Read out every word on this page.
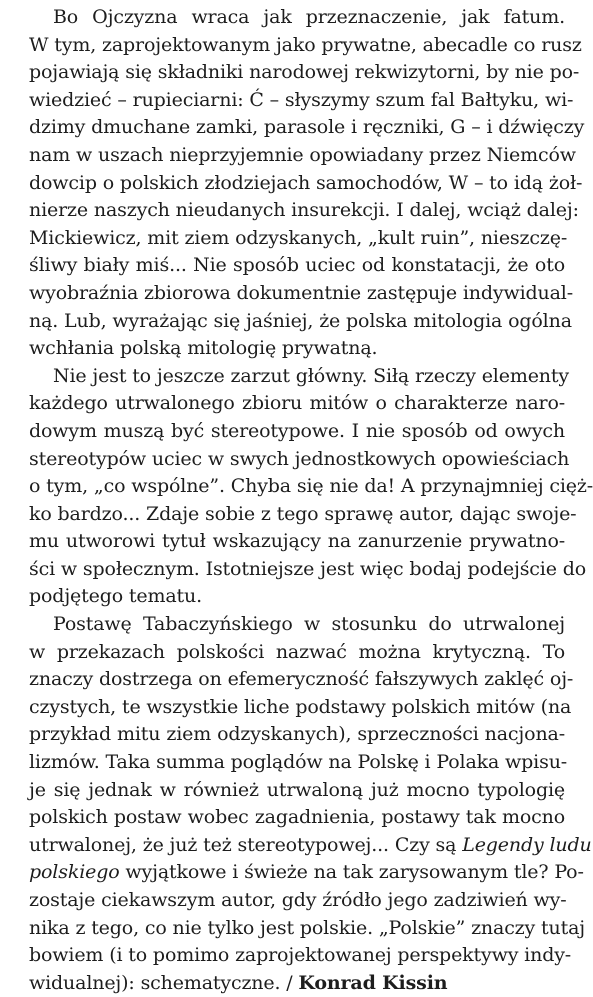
Bo Ojczyzna wraca jak przeznaczenie, jak fatum.
W tym, zaprojektowanym jako prywatne, abecadle co rusz
pojawiają się składniki narodowej rekwizytorni, by nie po-
wiedzieć – rupieciarni: Ć – słyszymy szum fal Bałtyku, wi-
dzimy dmuchane zamki, parasole i ręczniki, G – i dźwięczy
nam w uszach nieprzyjemnie opowiadany przez Niemców
dowcip o polskich złodziejach samochodów, W – to idą żoł-
nierze naszych nieudanych insurekcji. I dalej, wciąż dalej:
Mickiewicz, mit ziem odzyskanych, „kult ruin”, nieszczę-
śliwy biały miś... Nie sposób uciec od konstatacji, że oto
wyobraźnia zbiorowa dokumentnie zastępuje indywidual-
ną. Lub, wyrażając się jaśniej, że polska mitologia ogólna
wchłania polską mitologię prywatną.

Nie jest to jeszcze zarzut główny. Siłą rzeczy elementy
każdego utrwalonego zbioru mitów o charakterze naro-
dowym muszą być stereotypowe. I nie sposób od owych
stereotypów uciec w swych jednostkowych opowieściach
o tym, „co wspólne”. Chyba się nie da! A przynajmniej cięż-
ko bardzo... Zdaje sobie z tego sprawę autor, dając swoje-
mu utworowi tytuł wskazujący na zanurzenie prywatno-
ści w społecznym. Istotniejsze jest więc bodaj podejście do
podjętego tematu.

Postawę Tabaczyńskiego w stosunku do utrwalonej
w przekazach polskości nazwać można krytyczną. To
znaczy dostrzega on efemeryczność fałszywych zaklęć oj-
czystych, te wszystkie liche podstawy polskich mitów (na
przykład mitu ziem odzyskanych), sprzeczności nacjona-
lizmów. Taka summa poglądów na Polskę i Polaka wpisu-
je się jednak w również utrwaloną już mocno typologię
polskich postaw wobec zagadnienia, postawy tak mocno
utrwalonej, że już też stereotypowej... Czy są Legendy ludu
polskiego wyjątkowe i świeże na tak zarysowanym tle? Po-
zostaje ciekawszym autor, gdy źródło jego zadziwień wy-
nika z tego, co nie tylko jest polskie. „Polskie” znaczy tutaj
bowiem (i to pomimo zaprojektowanej perspektywy indy-
widualnej): schematyczne. / Konrad Kissin
